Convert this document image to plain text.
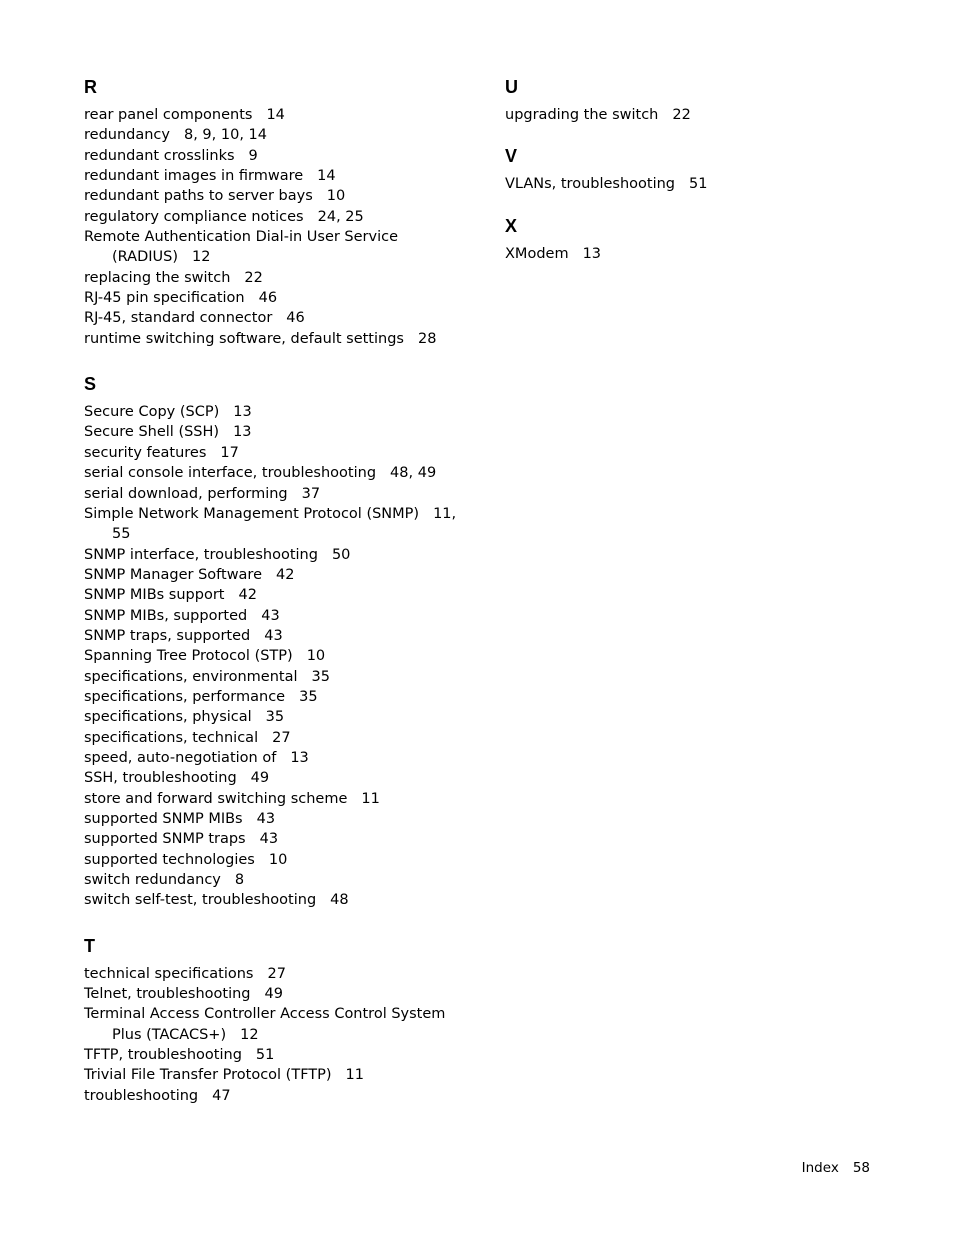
R
rear panel components 14
redundancy 8, 9, 10, 14
redundant crosslinks 9
redundant images in firmware 14
redundant paths to server bays 10
regulatory compliance notices 24, 25
Remote Authentication Dial-in User Service
(RADIUS) 12
replacing the switch 22
RJ-45 pin specification 46
RJ-45, standard connector 46
runtime switching software, default settings 28
S
Secure Copy (SCP) 13
Secure Shell (SSH) 13
security features 17
serial console interface, troubleshooting 48, 49
serial download, performing 37
Simple Network Management Protocol (SNMP) 11,
55
SNMP interface, troubleshooting 50
SNMP Manager Software 42
SNMP MIBs support 42
SNMP MIBs, supported 43
SNMP traps, supported 43
Spanning Tree Protocol (STP) 10
specifications, environmental 35
specifications, performance 35
specifications, physical 35
specifications, technical 27
speed, auto-negotiation of 13
SSH, troubleshooting 49
store and forward switching scheme 11
supported SNMP MIBs 43
supported SNMP traps 43
supported technologies 10
switch redundancy 8
switch self-test, troubleshooting 48
T
technical specifications 27
Telnet, troubleshooting 49
Terminal Access Controller Access Control System
Plus (TACACS+) 12
TFTP, troubleshooting 51
Trivial File Transfer Protocol (TFTP) 11
troubleshooting 47
U
upgrading the switch 22
V
VLANs, troubleshooting 51
X
XModem 13
Index 58
